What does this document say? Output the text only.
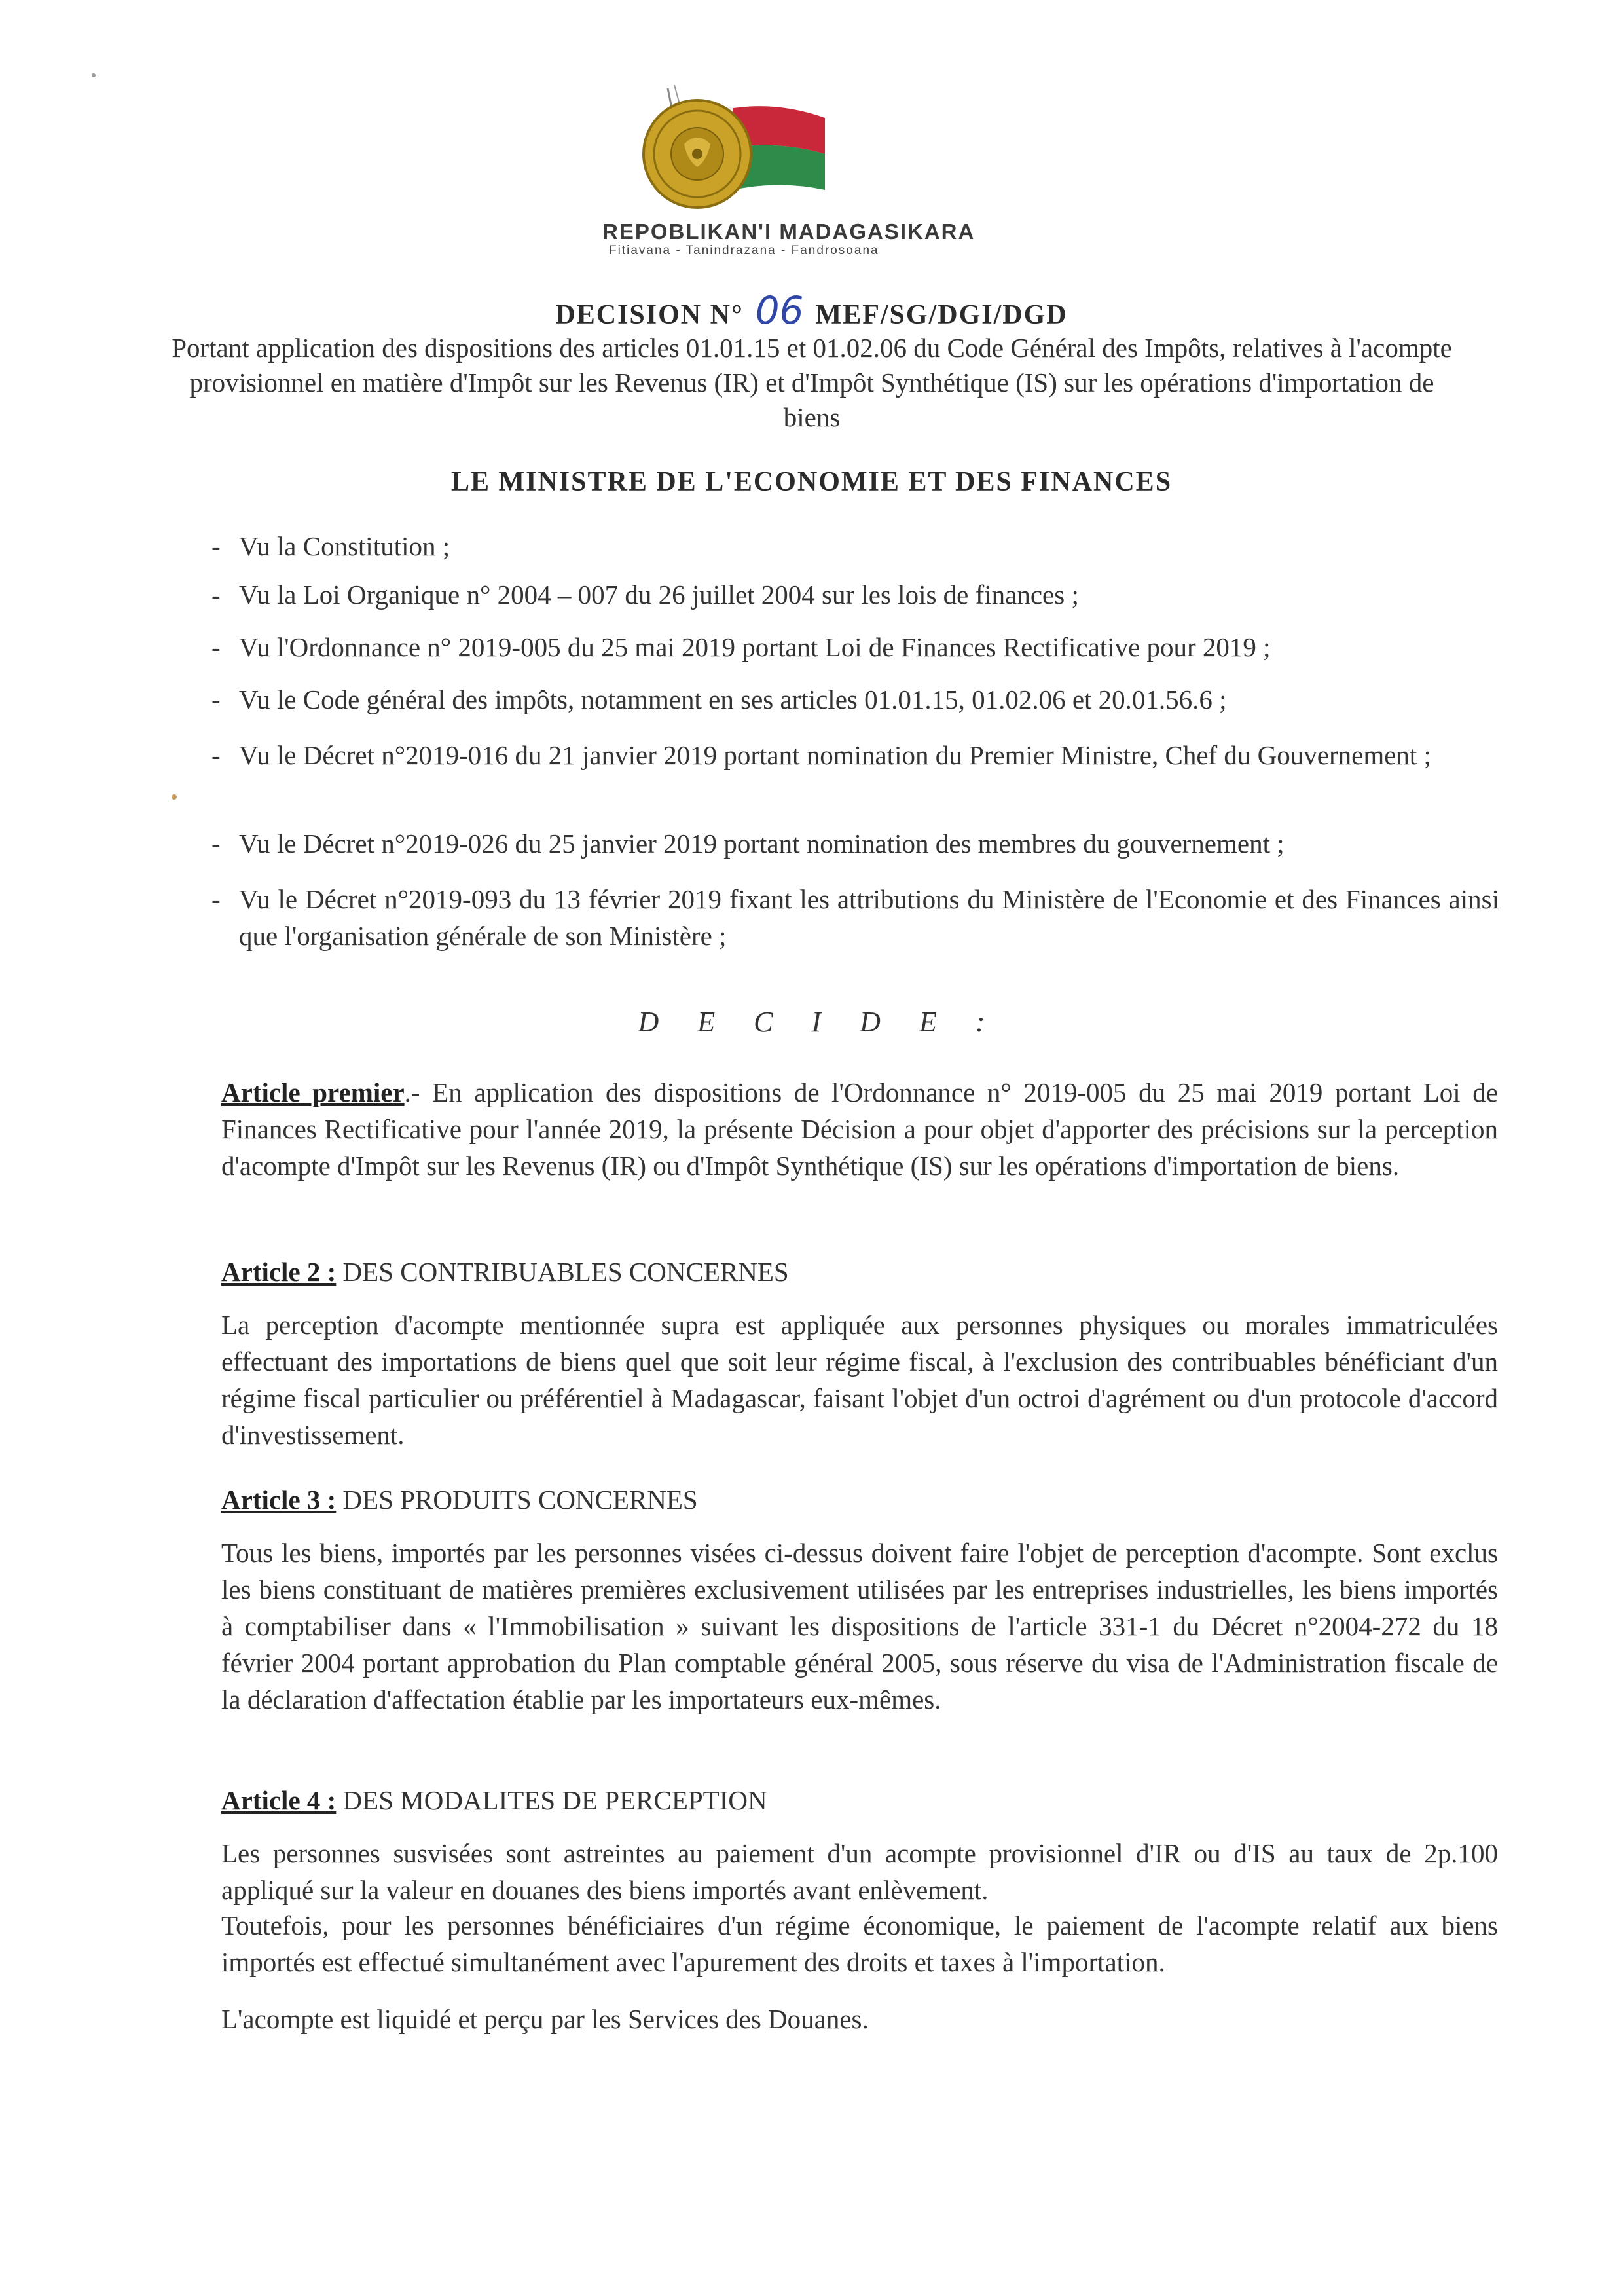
REPOBLIKAN'I MADAGASIKARA
Fitiavana - Tanindrazana - Fandrosoana
DECISION N° 06 MEF/SG/DGI/DGD
Portant application des dispositions des articles 01.01.15 et 01.02.06 du Code Général des Impôts, relatives à l'acompte provisionnel en matière d'Impôt sur les Revenus (IR) et d'Impôt Synthétique (IS) sur les opérations d'importation de biens
LE MINISTRE DE L'ECONOMIE ET DES FINANCES
- Vu la Constitution ;
- Vu la Loi Organique n° 2004 – 007 du 26 juillet 2004 sur les lois de finances ;
- Vu l'Ordonnance n° 2019-005 du 25 mai 2019 portant Loi de Finances Rectificative pour 2019 ;
- Vu le Code général des impôts, notamment en ses articles 01.01.15, 01.02.06 et 20.01.56.6 ;
- Vu le Décret n°2019-016 du 21 janvier 2019 portant nomination du Premier Ministre, Chef du Gouvernement ;
- Vu le Décret n°2019-026 du 25 janvier 2019 portant nomination des membres du gouvernement ;
- Vu le Décret n°2019-093 du 13 février 2019 fixant les attributions du Ministère de l'Economie et des Finances ainsi que l'organisation générale de son Ministère ;
D E C I D E :
Article premier.- En application des dispositions de l'Ordonnance n° 2019-005 du 25 mai 2019 portant Loi de Finances Rectificative pour l'année 2019, la présente Décision a pour objet d'apporter des précisions sur la perception d'acompte d'Impôt sur les Revenus (IR) ou d'Impôt Synthétique (IS) sur les opérations d'importation de biens.
Article 2 : DES CONTRIBUABLES CONCERNES
La perception d'acompte mentionnée supra est appliquée aux personnes physiques ou morales immatriculées effectuant des importations de biens quel que soit leur régime fiscal, à l'exclusion des contribuables bénéficiant d'un régime fiscal particulier ou préférentiel à Madagascar, faisant l'objet d'un octroi d'agrément ou d'un protocole d'accord d'investissement.
Article 3 : DES PRODUITS CONCERNES
Tous les biens, importés par les personnes visées ci-dessus doivent faire l'objet de perception d'acompte. Sont exclus les biens constituant de matières premières exclusivement utilisées par les entreprises industrielles, les biens importés à comptabiliser dans « l'Immobilisation » suivant les dispositions de l'article 331-1 du Décret n°2004-272 du 18 février 2004 portant approbation du Plan comptable général 2005, sous réserve du visa de l'Administration fiscale de la déclaration d'affectation établie par les importateurs eux-mêmes.
Article 4 : DES MODALITES DE PERCEPTION
Les personnes susvisées sont astreintes au paiement d'un acompte provisionnel d'IR ou d'IS au taux de 2p.100 appliqué sur la valeur en douanes des biens importés avant enlèvement.
Toutefois, pour les personnes bénéficiaires d'un régime économique, le paiement de l'acompte relatif aux biens importés est effectué simultanément avec l'apurement des droits et taxes à l'importation.
L'acompte est liquidé et perçu par les Services des Douanes.
